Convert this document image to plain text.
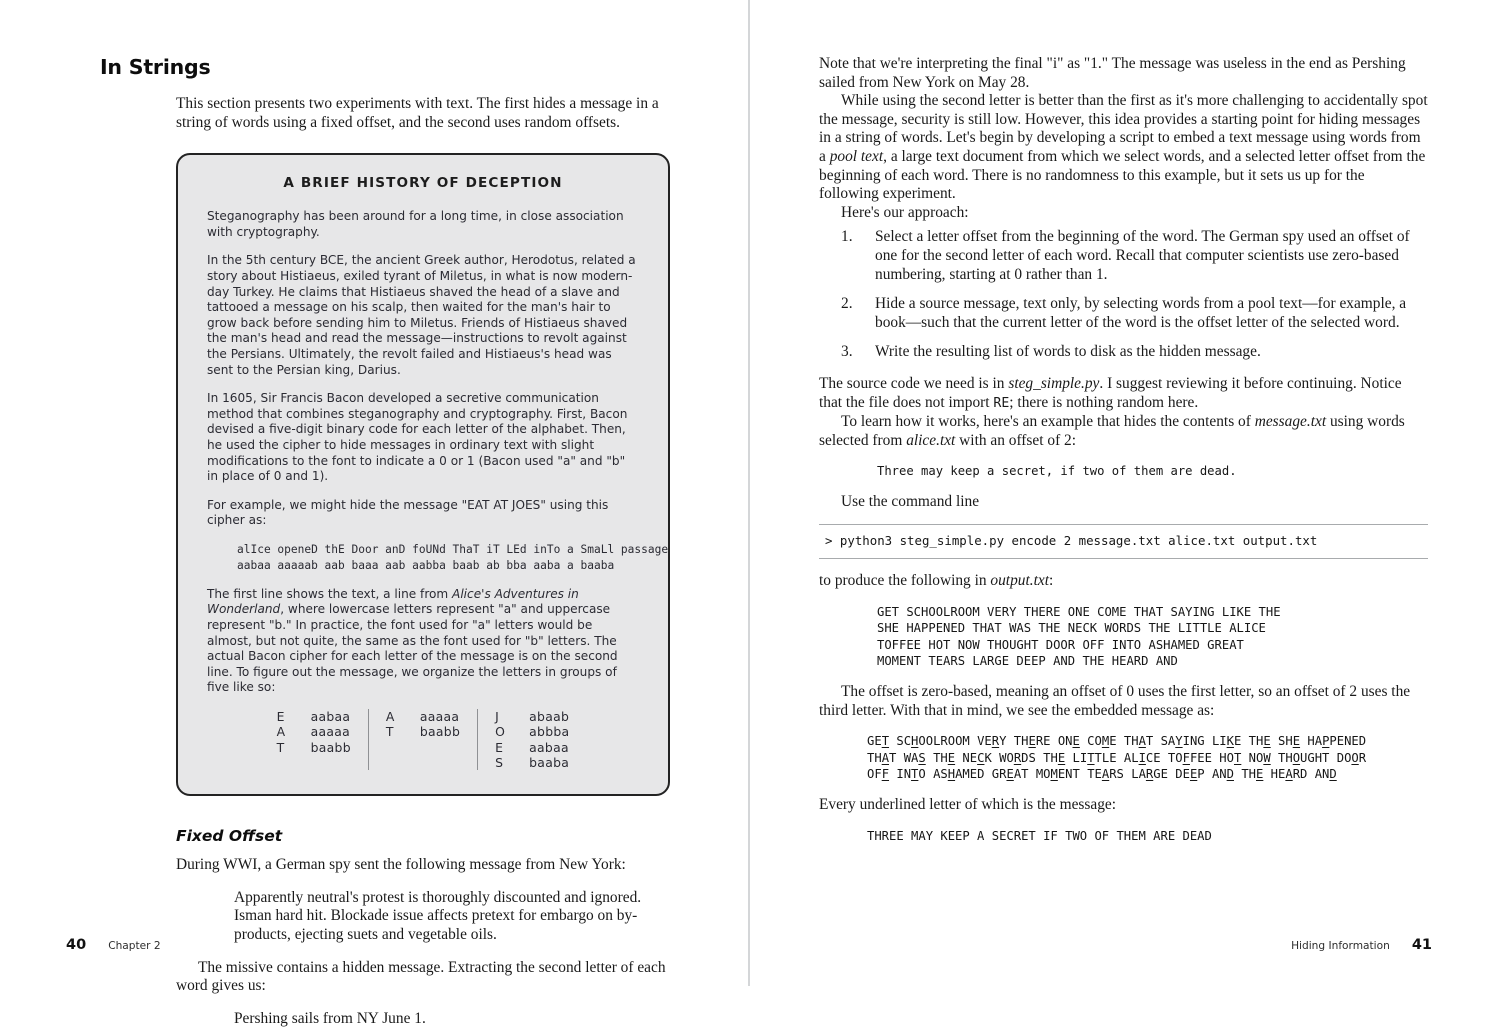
In Strings

This section presents two experiments with text. The first hides a message in a string of words using a fixed offset, and the second uses random offsets.

A BRIEF HISTORY OF DECEPTION

Steganography has been around for a long time, in close association with cryptography.

In the 5th century BCE, the ancient Greek author, Herodotus, related a story about Histiaeus, exiled tyrant of Miletus, in what is now modern-day Turkey. He claims that Histiaeus shaved the head of a slave and tattooed a message on his scalp, then waited for the man's hair to grow back before sending him to Miletus. Friends of Histiaeus shaved the man's head and read the message—instructions to revolt against the Persians. Ultimately, the revolt failed and Histiaeus's head was sent to the Persian king, Darius.

In 1605, Sir Francis Bacon developed a secretive communication method that combines steganography and cryptography. First, Bacon devised a five-digit binary code for each letter of the alphabet. Then, he used the cipher to hide messages in ordinary text with slight modifications to the font to indicate a 0 or 1 (Bacon used "a" and "b" in place of 0 and 1).

For example, we might hide the message "EAT AT JOES" using this cipher as:

alIce openeD thE Door anD foUNd ThaT iT LEd inTo a SmaLl passage
aabaa aaaaab aab baaa aab aabba baab ab bba aaba a baaba

The first line shows the text, a line from Alice's Adventures in Wonderland, where lowercase letters represent "a" and uppercase represent "b." In practice, the font used for "a" letters would be almost, but not quite, the same as the font used for "b" letters. The actual Bacon cipher for each letter of the message is on the second line. To figure out the message, we organize the letters in groups of five like so:

E	aabaa
A	aaaaa
T	baabb
A	aaaaa
T	baabb
J	abaab
O	abbba
E	aabaa
S	baaba
Fixed Offset

During WWI, a German spy sent the following message from New York:

Apparently neutral's protest is thoroughly discounted and ignored. Isman hard hit. Blockade issue affects pretext for embargo on by-products, ejecting suets and vegetable oils.

The missive contains a hidden message. Extracting the second letter of each word gives us:

Pershing sails from NY June 1.
40 Chapter 2

Note that we're interpreting the final "i" as "1." The message was useless in the end as Pershing sailed from New York on May 28.

While using the second letter is better than the first as it's more challenging to accidentally spot the message, security is still low. However, this idea provides a starting point for hiding messages in a string of words. Let's begin by developing a script to embed a text message using words from a pool text, a large text document from which we select words, and a selected letter offset from the beginning of each word. There is no randomness to this example, but it sets us up for the following experiment.

Here's our approach:

1.	Select a letter offset from the beginning of the word. The German spy used an offset of one for the second letter of each word. Recall that computer scientists use zero-based numbering, starting at 0 rather than 1.
2.	Hide a source message, text only, by selecting words from a pool text—for example, a book—such that the current letter of the word is the offset letter of the selected word.
3.	Write the resulting list of words to disk as the hidden message.

The source code we need is in steg_simple.py. I suggest reviewing it before continuing. Notice that the file does not import RE; there is nothing random here.

To learn how it works, here's an example that hides the contents of message.txt using words selected from alice.txt with an offset of 2:

Three may keep a secret, if two of them are dead.

Use the command line

> python3 steg_simple.py encode 2 message.txt alice.txt output.txt

to produce the following in output.txt:

GET SCHOOLROOM VERY THERE ONE COME THAT SAYING LIKE THE
SHE HAPPENED THAT WAS THE NECK WORDS THE LITTLE ALICE
TOFFEE HOT NOW THOUGHT DOOR OFF INTO ASHAMED GREAT
MOMENT TEARS LARGE DEEP AND THE HEARD AND

The offset is zero-based, meaning an offset of 0 uses the first letter, so an offset of 2 uses the third letter. With that in mind, we see the embedded message as:

GET SCHOOLROOM VERY THERE ONE COME THAT SAYING LIKE THE SHE HAPPENED
THAT WAS THE NECK WORDS THE LITTLE ALICE TOFFEE HOT NOW THOUGHT DOOR
OFF INTO ASHAMED GREAT MOMENT TEARS LARGE DEEP AND THE HEARD AND

Every underlined letter of which is the message:

THREE MAY KEEP A SECRET IF TWO OF THEM ARE DEAD
Hiding Information 41
